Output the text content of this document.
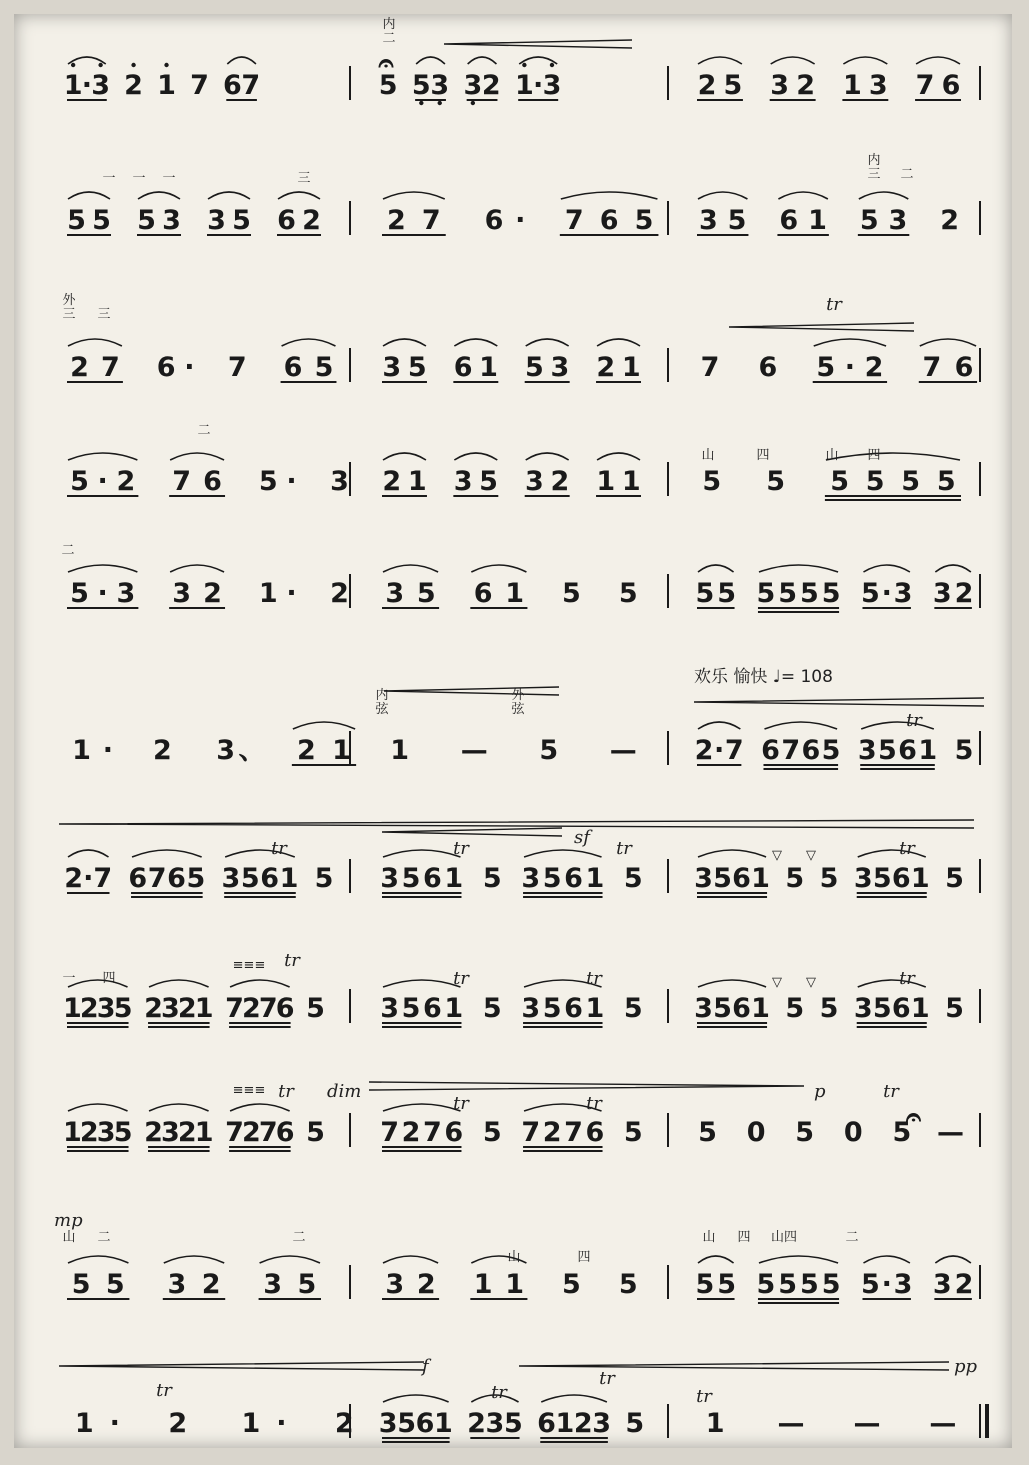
1 · 3 2 1 7 6 7	5 5 3 3 2 1 · 3	2 5 3 2 1 3 7 6
5 5 5 3 3 5 6 2 2 7 6 · 7 6 5 3 5 6 1 5 3 2
2 7 6 · 7 6 5 3 5 6 1 5 3 2 1 7 6 5 · 2 7 6
5 · 2 7 6 5 · 3 2 1 3 5 3 2 1 1 5 5 5 5 5 5
5 · 3 3 2 1 · 2 3 5 6 1 5 5 5 5 5 5 5 5 5 · 3 3 2
1 · 2 3 、 2 1 1 — 5 — 2 · 7 6 7 6 5 3 5 6 1 5
2 · 7 6 7 6 5 3 5 6 1 5 3 5 6 1 5 3 5 6 1 5 3 5 6 1 5 5 3 5 6 1 5
1
2
3
5 2
3
2
1 7
2
7
6 5 3 5 6 1 5 3 5 6 1 5 3 5 6 1 5 5 3 5 6 1 5
1
2
3
5 2
3
2
1 7
2
7
6 5 7 2 7 6 5 7 2 7 6 5 5 0 5 0 5 —
5 5 3 2 3 5	3 2 1 1 5 5 5 5 5 5 5 5 5 · 3 3 2
1 · 2 1 · 2 3 5 6 1 2 3 5 6 1 2 3 5 1 — — —
内
二
𝄐
一 一 一	三
内
三 二
外
三 三	tr
二
山	四	山 四
二
欢乐 愉快 ♩= 108
内
弦
外
弦
tr
tr	tr	tr	tr
sf
▽ ▽
一 四
≡≡≡ tr
tr	tr	tr
▽ ▽
≡≡≡ tr dim
tr	tr
p	tr
𝄐
mp
山 二	二
山	四
山 四 山四	二
f	pp
tr	tr
tr
tr
